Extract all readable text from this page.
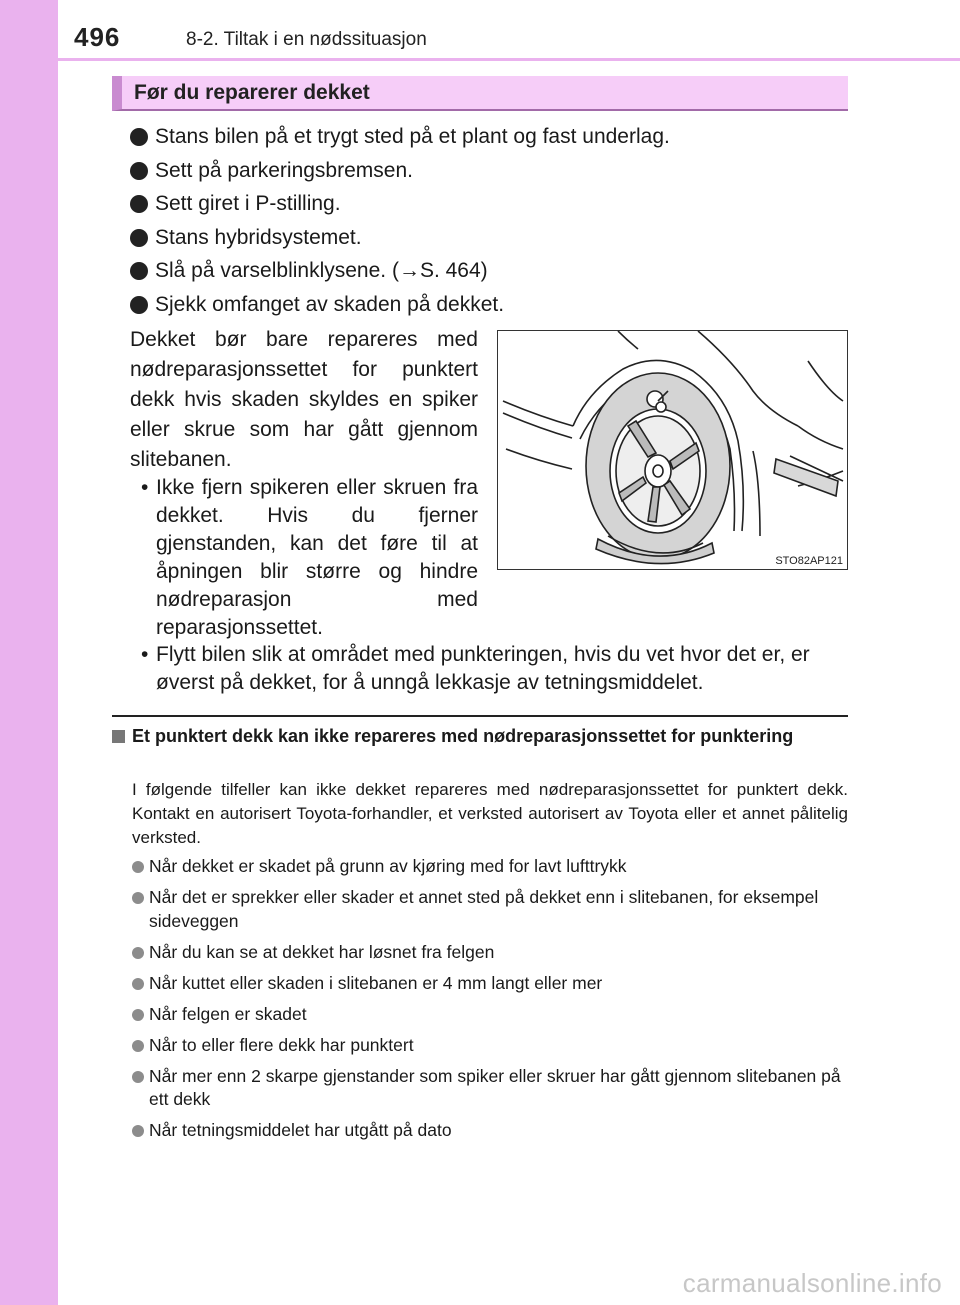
496	8-2. Tiltak i en nødssituasjon
Før du reparerer dekket
Stans bilen på et trygt sted på et plant og fast underlag.
Sett på parkeringsbremsen.
Sett giret i P-stilling.
Stans hybridsystemet.
Slå på varselblinklysene. (→S. 464)
Sjekk omfanget av skaden på dekket.
Dekket bør bare repareres med nødreparasjonssettet for punktert dekk hvis skaden skyldes en spiker eller skrue som har gått gjennom slitebanen.
• Ikke fjern spikeren eller skruen fra dekket. Hvis du fjerner gjenstanden, kan det føre til at åpningen blir større og hindre nødreparasjon med reparasjonssettet.
• Flytt bilen slik at området med punkteringen, hvis du vet hvor det er, er øverst på dekket, for å unngå lekkasje av tetningsmiddelet.
STO82AP121
Et punktert dekk kan ikke repareres med nødreparasjonssettet for punktering
I følgende tilfeller kan ikke dekket repareres med nødreparasjonssettet for punktert dekk. Kontakt en autorisert Toyota-forhandler, et verksted autorisert av Toyota eller et annet pålitelig verksted.
Når dekket er skadet på grunn av kjøring med for lavt lufttrykk
Når det er sprekker eller skader et annet sted på dekket enn i slitebanen, for eksempel sideveggen
Når du kan se at dekket har løsnet fra felgen
Når kuttet eller skaden i slitebanen er 4 mm langt eller mer
Når felgen er skadet
Når to eller flere dekk har punktert
Når mer enn 2 skarpe gjenstander som spiker eller skruer har gått gjennom slitebanen på ett dekk
Når tetningsmiddelet har utgått på dato
carmanualsonline.info
